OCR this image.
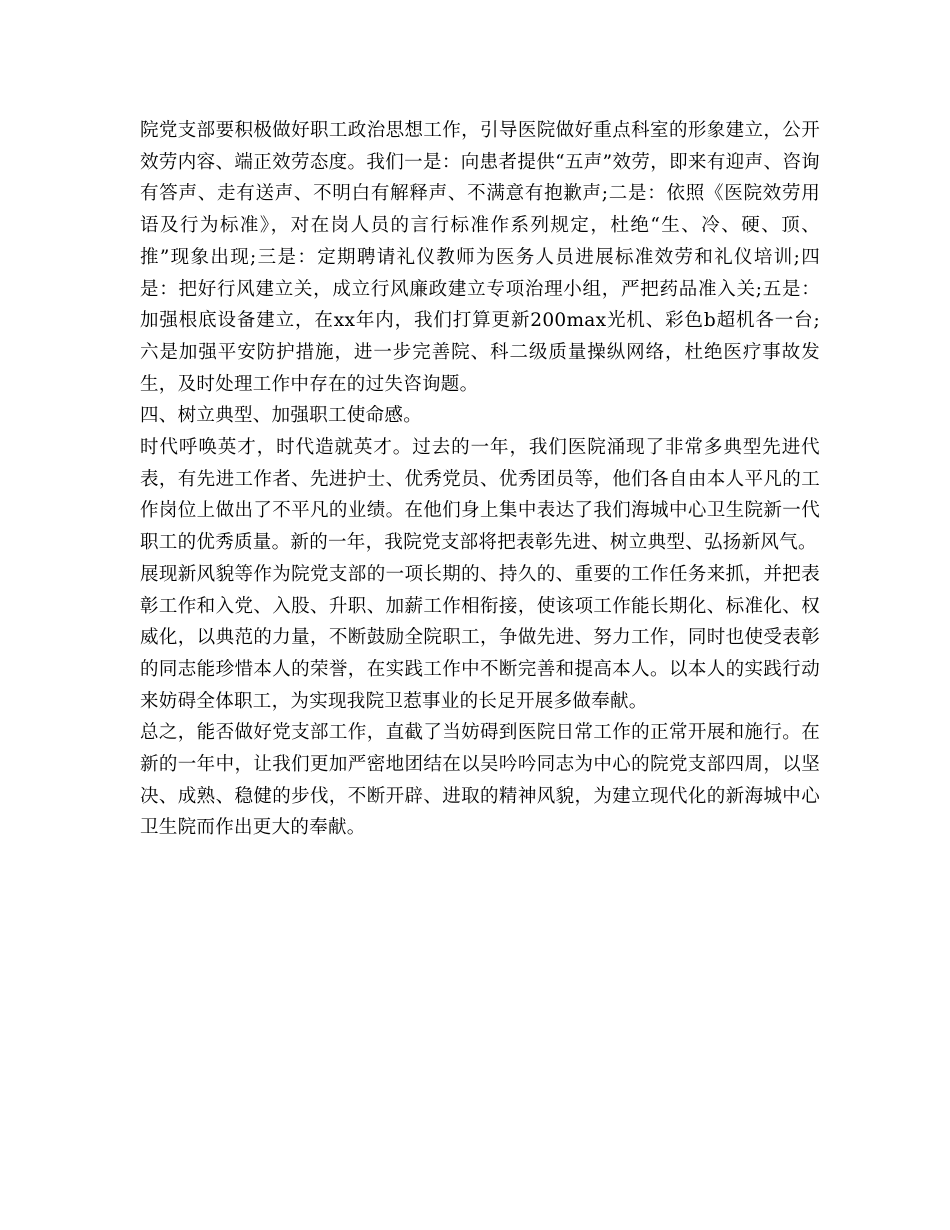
院党支部要积极做好职工政治思想工作，引导医院做好重点科室的形象建立，公开效劳内容、端正效劳态度。我们一是：向患者提供“五声”效劳，即来有迎声、咨询有答声、走有送声、不明白有解释声、不满意有抱歉声;二是：依照《医院效劳用语及行为标准》，对在岗人员的言行标准作系列规定，杜绝“生、冷、硬、顶、推”现象出现;三是：定期聘请礼仪教师为医务人员进展标准效劳和礼仪培训;四是：把好行风建立关，成立行风廉政建立专项治理小组，严把药品准入关;五是：加强根底设备建立，在xx年内，我们打算更新200max光机、彩色b超机各一台;六是加强平安防护措施，进一步完善院、科二级质量操纵网络，杜绝医疗事故发生，及时处理工作中存在的过失咨询题。

四、树立典型、加强职工使命感。

时代呼唤英才，时代造就英才。过去的一年，我们医院涌现了非常多典型先进代表，有先进工作者、先进护士、优秀党员、优秀团员等，他们各自由本人平凡的工作岗位上做出了不平凡的业绩。在他们身上集中表达了我们海城中心卫生院新一代职工的优秀质量。新的一年，我院党支部将把表彰先进、树立典型、弘扬新风气。

展现新风貌等作为院党支部的一项长期的、持久的、重要的工作任务来抓，并把表彰工作和入党、入股、升职、加薪工作相衔接，使该项工作能长期化、标准化、权威化，以典范的力量，不断鼓励全院职工，争做先进、努力工作，同时也使受表彰的同志能珍惜本人的荣誉，在实践工作中不断完善和提高本人。以本人的实践行动来妨碍全体职工，为实现我院卫惹事业的长足开展多做奉献。

总之，能否做好党支部工作，直截了当妨碍到医院日常工作的正常开展和施行。在新的一年中，让我们更加严密地团结在以吴吟吟同志为中心的院党支部四周，以坚决、成熟、稳健的步伐，不断开辟、进取的精神风貌，为建立现代化的新海城中心卫生院而作出更大的奉献。
